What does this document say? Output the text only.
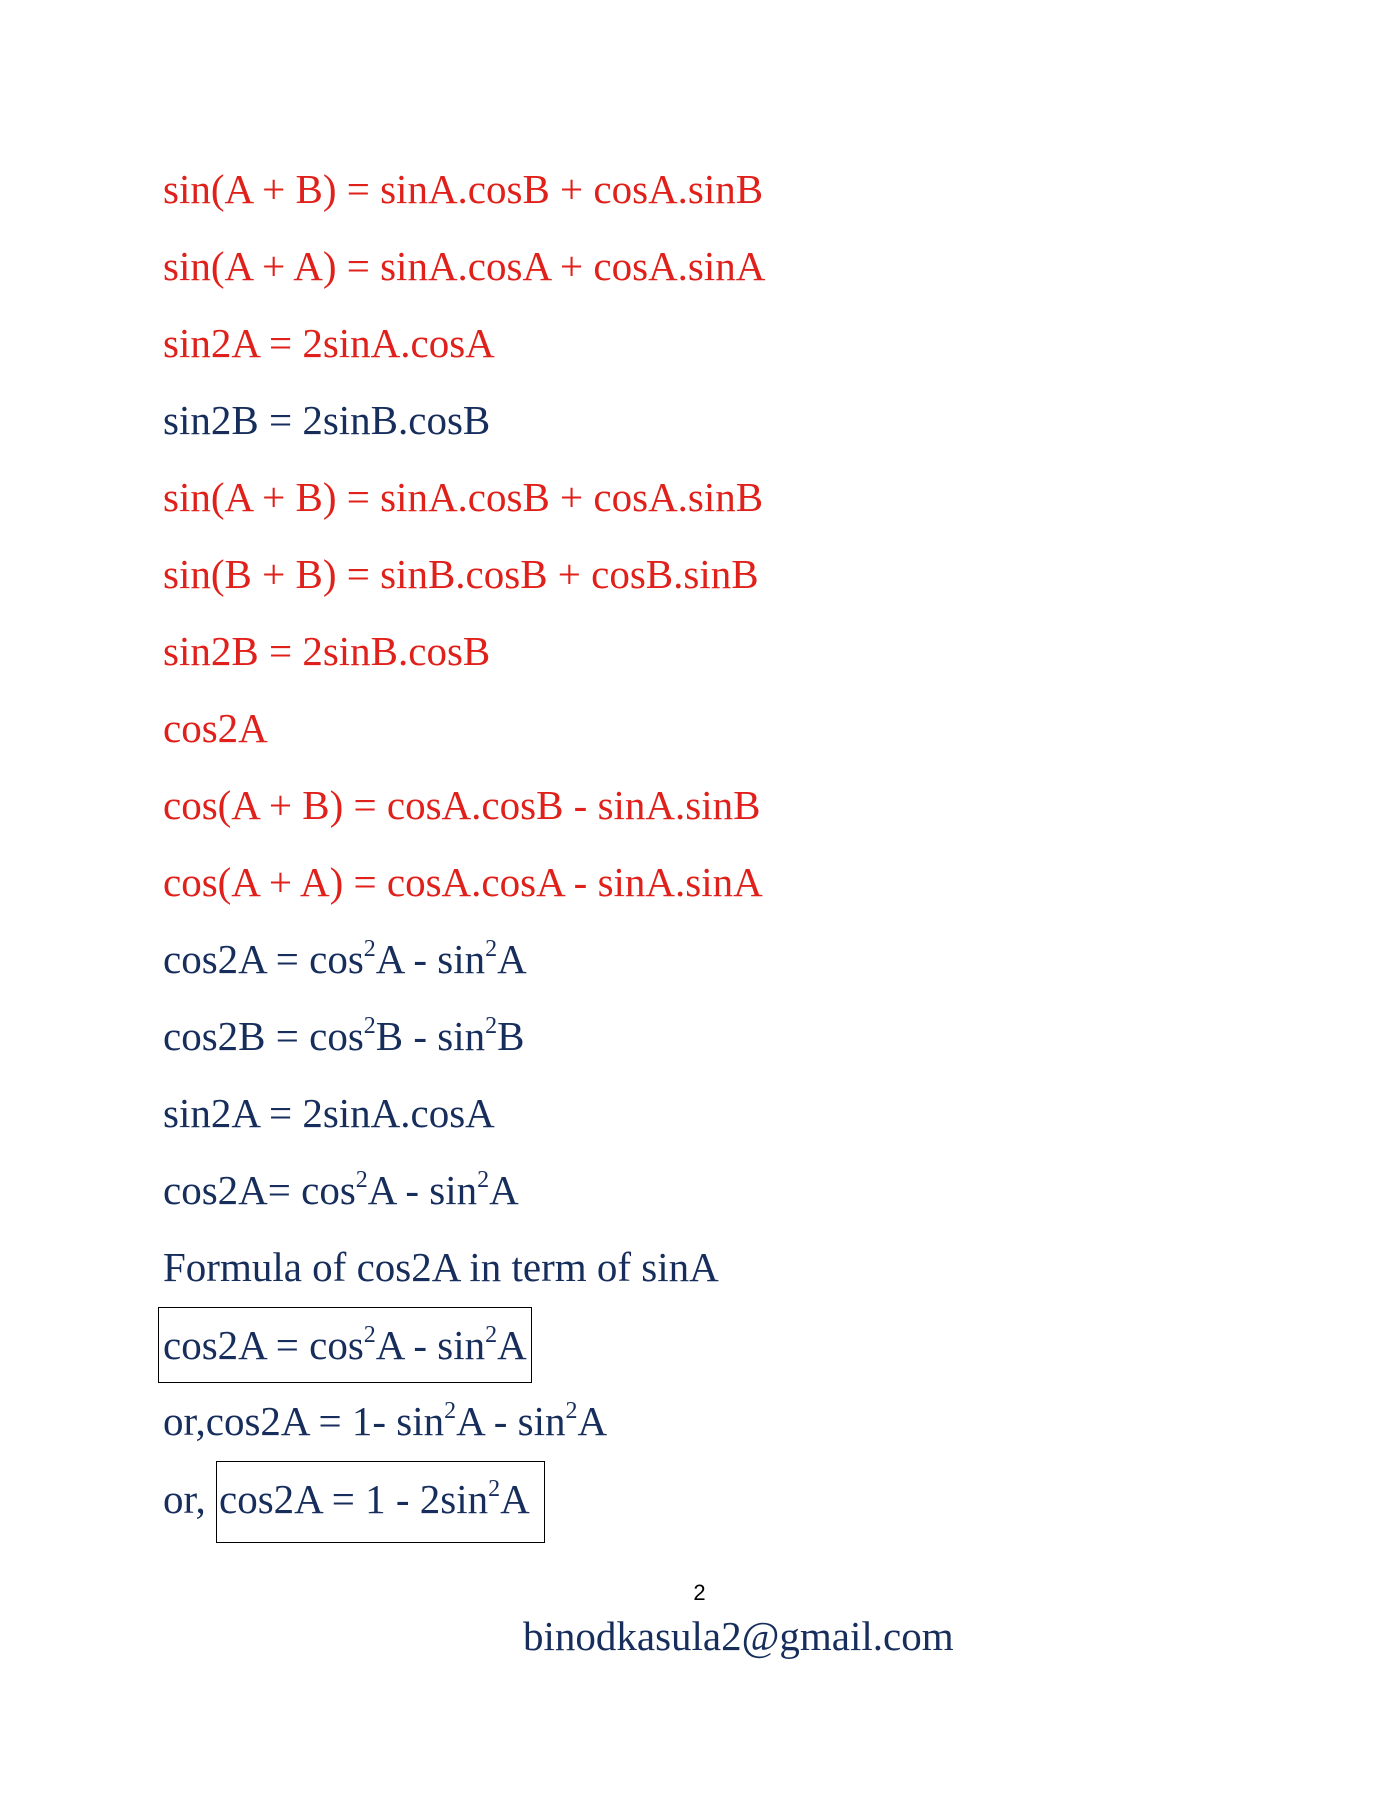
sin(A + B) = sinA.cosB + cosA.sinB
sin(A + A) = sinA.cosA + cosA.sinA
sin2A = 2sinA.cosA
sin2B = 2sinB.cosB
sin(A + B) = sinA.cosB + cosA.sinB
sin(B + B) = sinB.cosB + cosB.sinB
sin2B = 2sinB.cosB
cos2A
cos(A + B) = cosA.cosB - sinA.sinB
cos(A + A) = cosA.cosA - sinA.sinA
$\cos 2A = \cos^2A - \sin^2A$
$\cos 2B = \cos^2B - \sin^2B$
sin2A = 2sinA.cosA
$\cos 2A= \cos^2A - \sin^2A$
Formula of cos2A in term of sinA
$\cos 2A = \cos^2A - \sin^2A$
or,cos2A = 1- $\sin^2A - \sin^2A$
or, $\cos 2A = 1 - 2\sin^2A$
2
binodkasula2@gmail.com
